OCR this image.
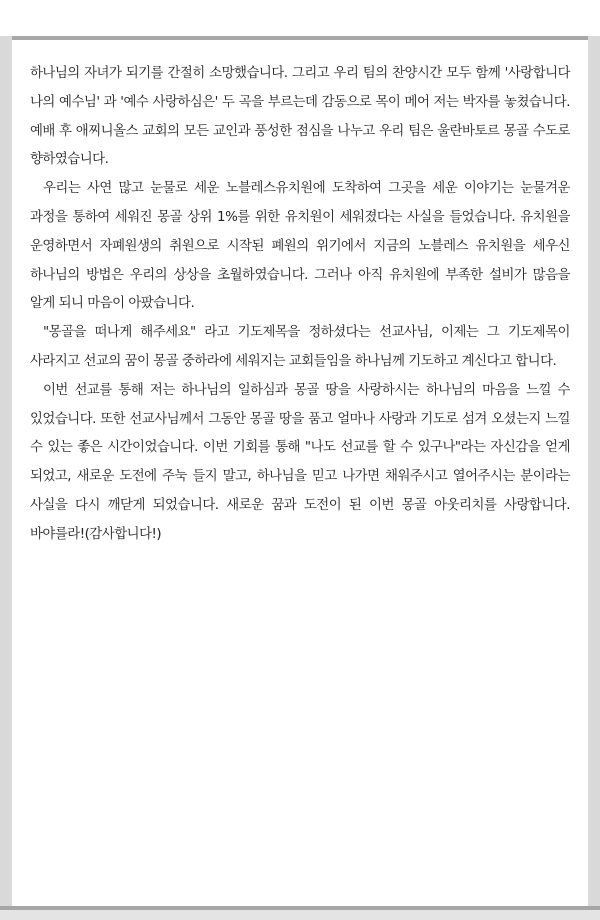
하나님의 자녀가 되기를 간절히 소망했습니다. 그리고 우리 팀의 찬양시간 모두 함께 '사랑합니다 나의 예수님' 과 '예수 사랑하심은' 두 곡을 부르는데 감동으로 목이 메어 저는 박자를 놓쳤습니다. 예배 후 애찌니올스 교회의 모든 교인과 풍성한 점심을 나누고 우리 팀은 울란바토르 몽골 수도로 향하였습니다.

우리는 사연 많고 눈물로 세운 노블레스유치원에 도착하여 그곳을 세운 이야기는 눈물겨운 과정을 통하여 세워진 몽골 상위 1%를 위한 유치원이 세워졌다는 사실을 들었습니다. 유치원을 운영하면서 자폐원생의 취원으로 시작된 폐원의 위기에서 지금의 노블레스 유치원을 세우신 하나님의 방법은 우리의 상상을 초월하였습니다. 그러나 아직 유치원에 부족한 설비가 많음을 알게 되니 마음이 아팠습니다.

"몽골을 떠나게 해주세요" 라고 기도제목을 정하셨다는 선교사님, 이제는 그 기도제목이 사라지고 선교의 꿈이 몽골 중하라에 세워지는 교회들임을 하나님께 기도하고 계신다고 합니다.

이번 선교를 통해 저는 하나님의 일하심과 몽골 땅을 사랑하시는 하나님의 마음을 느낄 수 있었습니다. 또한 선교사님께서 그동안 몽골 땅을 품고 얼마나 사랑과 기도로 섬겨 오셨는지 느낄 수 있는 좋은 시간이었습니다. 이번 기회를 통해 "나도 선교를 할 수 있구나"라는 자신감을 얻게 되었고, 새로운 도전에 주눅 들지 말고, 하나님을 믿고 나가면 채워주시고 열어주시는 분이라는 사실을 다시 깨닫게 되었습니다. 새로운 꿈과 도전이 된 이번 몽골 아웃리치를 사랑합니다. 바야를라!(감사합니다!)
